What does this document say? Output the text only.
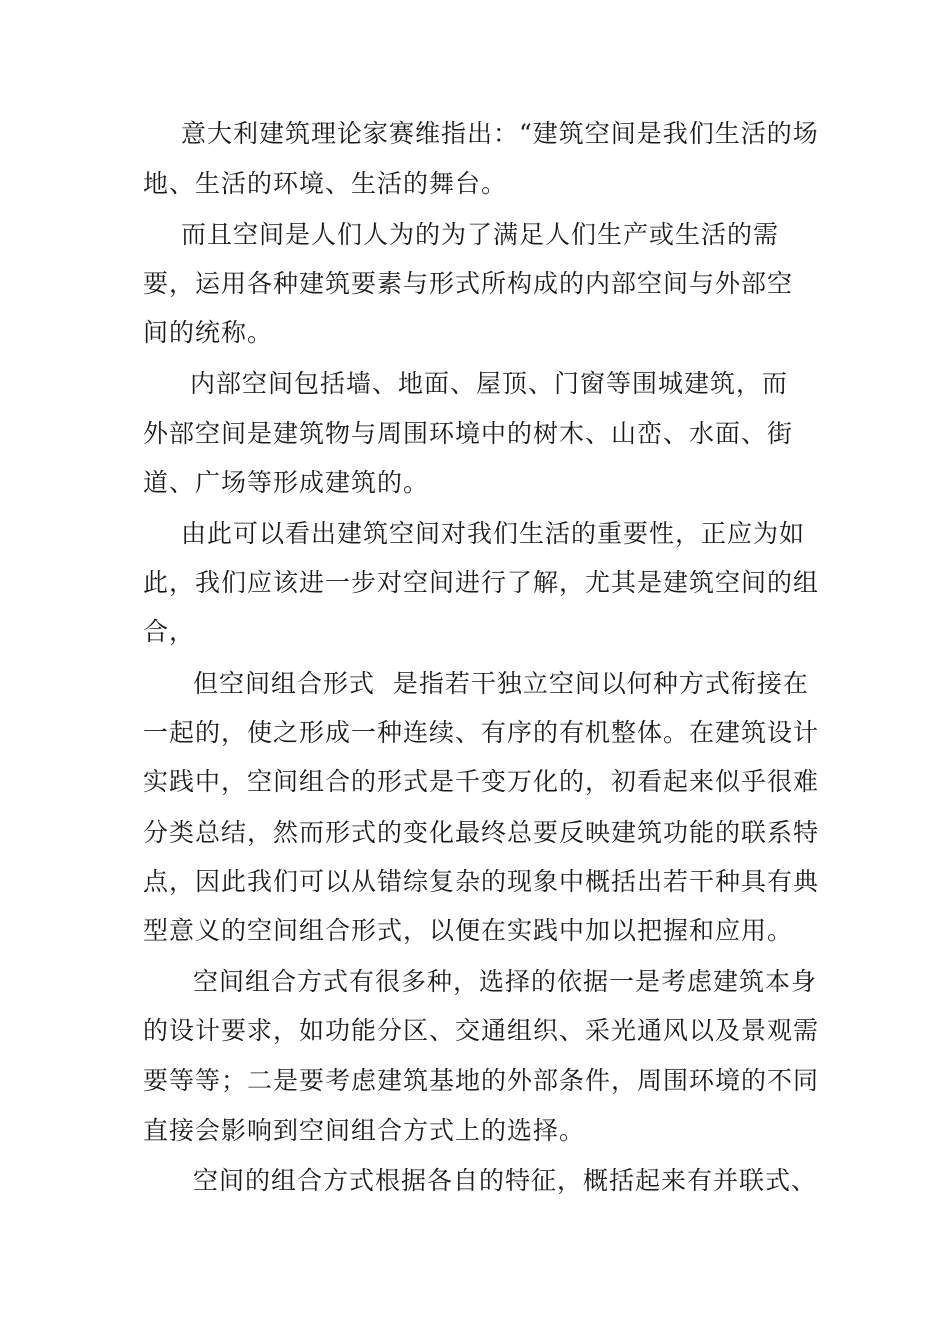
意大利建筑理论家赛维指出：“建筑空间是我们生活的场
地、生活的环境、生活的舞台。
而且空间是人们人为的为了满足人们生产或生活的需
要，运用各种建筑要素与形式所构成的内部空间与外部空
间的统称。
内部空间包括墙、地面、屋顶、门窗等围城建筑，而
外部空间是建筑物与周围环境中的树木、山峦、水面、街
道、广场等形成建筑的。
由此可以看出建筑空间对我们生活的重要性，正应为如
此，我们应该进一步对空间进行了解，尤其是建筑空间的组
合，
但空间组合形式  是指若干独立空间以何种方式衔接在
一起的，使之形成一种连续、有序的有机整体。在建筑设计
实践中，空间组合的形式是千变万化的，初看起来似乎很难
分类总结，然而形式的变化最终总要反映建筑功能的联系特
点，因此我们可以从错综复杂的现象中概括出若干种具有典
型意义的空间组合形式，以便在实践中加以把握和应用。
空间组合方式有很多种，选择的依据一是考虑建筑本身
的设计要求，如功能分区、交通组织、采光通风以及景观需
要等等；二是要考虑建筑基地的外部条件，周围环境的不同
直接会影响到空间组合方式上的选择。
空间的组合方式根据各自的特征，概括起来有并联式、
